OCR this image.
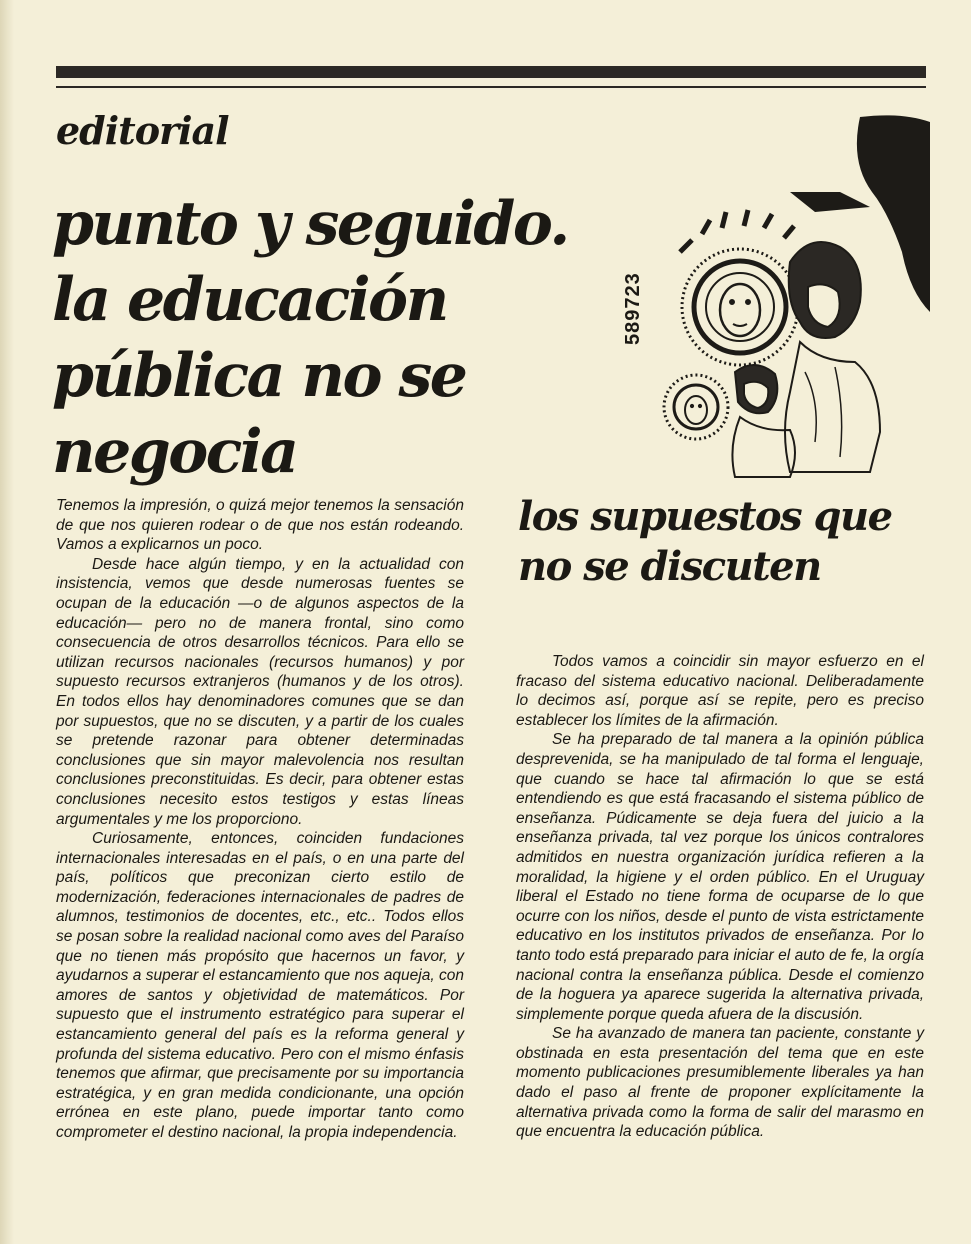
editorial
punto y seguido. la educación pública no se negocia
589723

Tenemos la impresión, o quizá mejor tenemos la sensación de que nos quieren rodear o de que nos están rodeando. Vamos a explicarnos un poco.

Desde hace algún tiempo, y en la actualidad con insistencia, vemos que desde numerosas fuentes se ocupan de la educación —o de algunos aspectos de la educación— pero no de manera frontal, sino como consecuencia de otros desarrollos técnicos. Para ello se utilizan recursos nacionales (recursos humanos) y por supuesto recursos extranjeros (humanos y de los otros). En todos ellos hay denominadores comunes que se dan por supuestos, que no se discuten, y a partir de los cuales se pretende razonar para obtener determinadas conclusiones que sin mayor malevolencia nos resultan conclusiones preconstituidas. Es decir, para obtener estas conclusiones necesito estos testigos y estas líneas argumentales y me los proporciono.

Curiosamente, entonces, coinciden fundaciones internacionales interesadas en el país, o en una parte del país, políticos que preconizan cierto estilo de modernización, federaciones internacionales de padres de alumnos, testimonios de docentes, etc., etc.. Todos ellos se posan sobre la realidad nacional como aves del Paraíso que no tienen más propósito que hacernos un favor, y ayudarnos a superar el estancamiento que nos aqueja, con amores de santos y objetividad de matemáticos. Por supuesto que el instrumento estratégico para superar el estancamiento general del país es la reforma general y profunda del sistema educativo. Pero con el mismo énfasis tenemos que afirmar, que precisamente por su importancia estratégica, y en gran medida condicionante, una opción errónea en este plano, puede importar tanto como comprometer el destino nacional, la propia independencia.

los supuestos que no se discuten

Todos vamos a coincidir sin mayor esfuerzo en el fracaso del sistema educativo nacional. Deliberadamente lo decimos así, porque así se repite, pero es preciso establecer los límites de la afirmación.

Se ha preparado de tal manera a la opinión pública desprevenida, se ha manipulado de tal forma el lenguaje, que cuando se hace tal afirmación lo que se está entendiendo es que está fracasando el sistema público de enseñanza. Púdicamente se deja fuera del juicio a la enseñanza privada, tal vez porque los únicos contralores admitidos en nuestra organización jurídica refieren a la moralidad, la higiene y el orden público. En el Uruguay liberal el Estado no tiene forma de ocuparse de lo que ocurre con los niños, desde el punto de vista estrictamente educativo en los institutos privados de enseñanza. Por lo tanto todo está preparado para iniciar el auto de fe, la orgía nacional contra la enseñanza pública. Desde el comienzo de la hoguera ya aparece sugerida la alternativa privada, simplemente porque queda afuera de la discusión.

Se ha avanzado de manera tan paciente, constante y obstinada en esta presentación del tema que en este momento publicaciones presumiblemente liberales ya han dado el paso al frente de proponer explícitamente la alternativa privada como la forma de salir del marasmo en que encuentra la educación pública.
